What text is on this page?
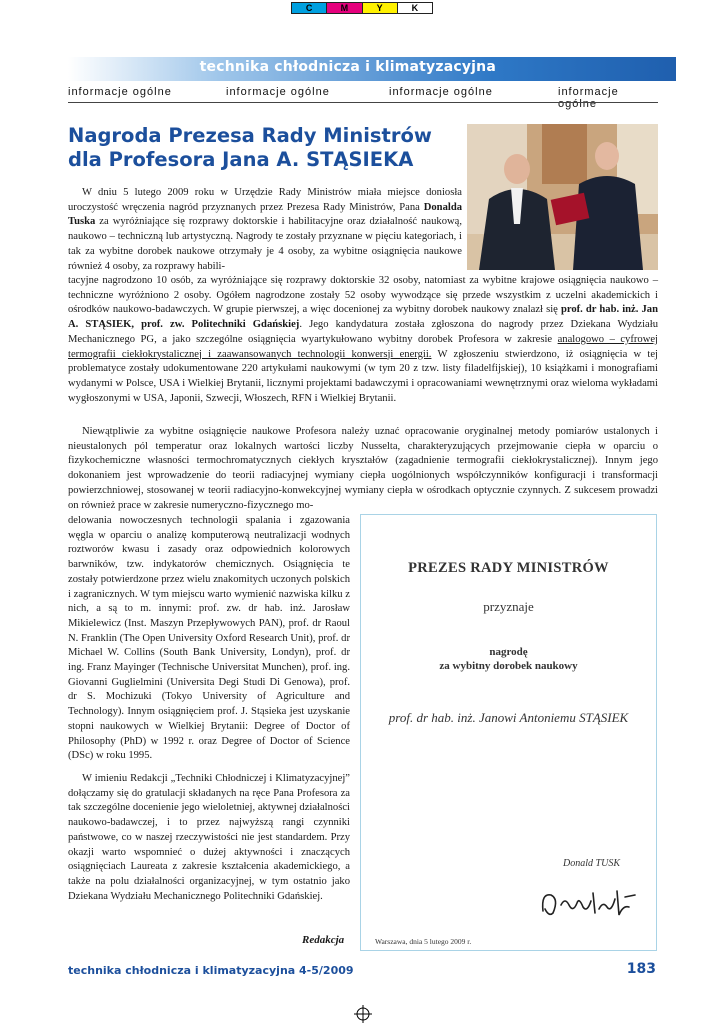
C	M	Y	K
technika chłodnicza i klimatyzacyjna
informacje ogólne	informacje ogólne	informacje ogólne	informacje ogólne
Nagroda Prezesa Rady Ministrów
dla Profesora Jana A. STĄSIEKA
W dniu 5 lutego 2009 roku w Urzędzie Rady Ministrów miała miejsce doniosła uroczystość wręczenia nagród przyznanych przez Prezesa Rady Ministrów, Pana Donalda Tuska za wyróżniające się rozprawy doktorskie i habilitacyjne oraz działalność naukową, naukowo – techniczną lub artystyczną. Nagrody te zostały przyznane w pięciu kategoriach, i tak za wybitne dorobek naukowe otrzymały je 4 osoby, za wybitne osiągnięcia naukowe również 4 osoby, za rozprawy habili-
tacyjne nagrodzono 10 osób, za wyróżniające się rozprawy doktorskie 32 osoby, natomiast za wybitne krajowe osiągnięcia naukowo – techniczne wyróżniono 2 osoby. Ogółem nagrodzone zostały 52 osoby wywodzące się przede wszystkim z uczelni akademickich i ośrodków naukowo-badawczych. W grupie pierwszej, a więc docenionej za wybitny dorobek naukowy znalazł się prof. dr hab. inż. Jan A. STĄSIEK, prof. zw. Politechniki Gdańskiej. Jego kandydatura została zgłoszona do nagrody przez Dziekana Wydziału Mechanicznego PG, a jako szczególne osiągnięcia wyartykułowano wybitny dorobek Profesora w zakresie analogowo – cyfrowej termografii ciekłokrystalicznej i zaawansowanych technologii konwersji energii. W zgłoszeniu stwierdzono, iż osiągnięcia w tej problematyce zostały udokumentowane 220 artykułami naukowymi (w tym 20 z tzw. listy filadelfijskiej), 10 książkami i monografiami wydanymi w Polsce, USA i Wielkiej Brytanii, licznymi projektami badawczymi i opracowaniami wewnętrznymi oraz wieloma wykładami wygłoszonymi w USA, Japonii, Szwecji, Włoszech, RFN i Wielkiej Brytanii.
Niewątpliwie za wybitne osiągnięcie naukowe Profesora należy uznać opracowanie oryginalnej metody pomiarów ustalonych i nieustalonych pól temperatur oraz lokalnych wartości liczby Nusselta, charakteryzujących przejmowanie ciepła w oparciu o fizykochemiczne własności termochromatycznych ciekłych kryształów (zagadnienie termografii ciekłokrystalicznej). Innym jego dokonaniem jest wprowadzenie do teorii radiacyjnej wymiany ciepła uogólnionych współczynników konfiguracji i transformacji powierzchniowej, stosowanej w teorii radiacyjno-konwekcyjnej wymiany ciepła w ośrodkach optycznie czynnych. Z sukcesem prowadzi on również prace w zakresie numeryczno-fizycznego mo-
delowania nowoczesnych technologii spalania i zgazowania węgla w oparciu o analizę komputerową neutralizacji wodnych roztworów kwasu i zasady oraz odpowiednich kolorowych barwników, tzw. indykatorów chemicznych. Osiągnięcia te zostały potwierdzone przez wielu znakomitych uczonych polskich i zagranicznych. W tym miejscu warto wymienić nazwiska kilku z nich, a są to m. innymi: prof. zw. dr hab. inż. Jarosław Mikielewicz (Inst. Maszyn Przepływowych PAN), prof. dr Raoul N. Franklin (The Open University Oxford Research Unit), prof. dr Michael W. Collins (South Bank University, Londyn), prof. dr ing. Franz Mayinger (Technische Universitat Munchen), prof. ing. Giovanni Guglielmini (Universita Degi Studi Di Genowa), prof. dr S. Mochizuki (Tokyo University of Agriculture and Technology). Innym osiągnięciem prof. J. Stąsieka jest uzyskanie stopni naukowych w Wielkiej Brytanii: Degree of Doctor of Philosophy (PhD) w 1992 r. oraz Degree of Doctor of Science (DSc) w roku 1995.
W imieniu Redakcji „Techniki Chłodniczej i Klimatyzacyjnej” dołączamy się do gratulacji składanych na ręce Pana Profesora za tak szczególne docenienie jego wieloletniej, aktywnej działalności naukowo-badawczej, i to przez najwyższą rangi czynniki państwowe, co w naszej rzeczywistości nie jest standardem. Przy okazji warto wspomnieć o dużej aktywności i znaczących osiągnięciach Laureata z zakresie kształcenia akademickiego, a także na polu działalności organizacyjnej, w tym ostatnio jako Dziekana Wydziału Mechanicznego Politechniki Gdańskiej.
Redakcja
PREZES RADY MINISTRÓW
przyznaje
nagrodę
za wybitny dorobek naukowy
prof. dr hab. inż. Janowi Antoniemu STĄSIEK
Donald TUSK
Warszawa, dnia 5 lutego 2009 r.
technika chłodnicza i klimatyzacyjna 4-5/2009	183
